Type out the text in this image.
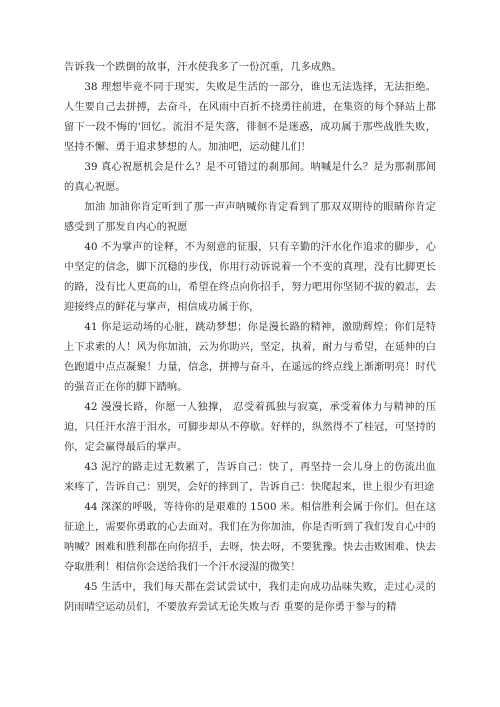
告诉我一个跌倒的故事，汗水使我多了一份沉重，几多成熟。

38 理想毕竟不同于现实，失败是生活的一部分，谁也无法选择，无法拒绝。人生要自己去拼搏，去奋斗，在风雨中百折不挠勇往前进，在集资的每个驿站上都留下一段不悔的'回忆。流泪不是失落，徘徊不是迷惑，成功属于那些战胜失败，坚持不懈、勇于追求梦想的人。加油吧，运动健儿们！

39 真心祝愿机会是什么？是不可错过的刹那间。呐喊是什么？是为那刹那间的真心祝愿。

加油 加油你肯定听到了那一声声呐喊你肯定看到了那双双期待的眼睛你肯定感受到了那发自内心的祝愿

40 不为掌声的诠释，不为刻意的征服，只有辛勤的汗水化作追求的脚步，心中坚定的信念，脚下沉稳的步伐，你用行动诉说着一个不变的真理，没有比脚更长的路，没有比人更高的山，希望在终点向你招手，努力吧用你坚韧不拔的毅志，去迎接终点的鲜花与掌声，相信成功属于你，

41 你是运动场的心脏，跳动梦想；你是漫长路的精神，激励辉煌；你们是特上下求索的人！风为你加油，云为你助兴，坚定，执着，耐力与希望，在延伸的白色跑道中点点凝聚！力量，信念，拼搏与奋斗，在遥远的终点线上渐渐明亮！时代的强音正在你的脚下踏响。

42 漫漫长路，你愿一人独撑， 忍受着孤独与寂寞，承受着体力与精神的压迫，只任汗水溶于泪水，可脚步却从不停歇。好样的，纵然得不了桂冠，可坚持的你，定会赢得最后的掌声。

43 泥泞的路走过无数累了，告诉自己：快了，再坚持一会儿身上的伤流出血来疼了，告诉自己：别哭，会好的摔到了，告诉自己：快爬起来，世上很少有坦途

44 深深的呼吸，等待你的是艰难的 1500 米。相信胜利会属于你们。但在这征途上，需要你勇敢的心去面对。我们在为你加油，你是否听到了我们发自心中的呐喊？困难和胜利都在向你招手，去呀，快去呀，不要犹豫。快去击败困难、快去夺取胜利！相信你会送给我们一个汗水浸湿的微笑！

45 生活中，我们每天都在尝试尝试中，我们走向成功品味失败，走过心灵的阴雨晴空运动员们，不要放弃尝试无论失败与否 重要的是你勇于参与的精
